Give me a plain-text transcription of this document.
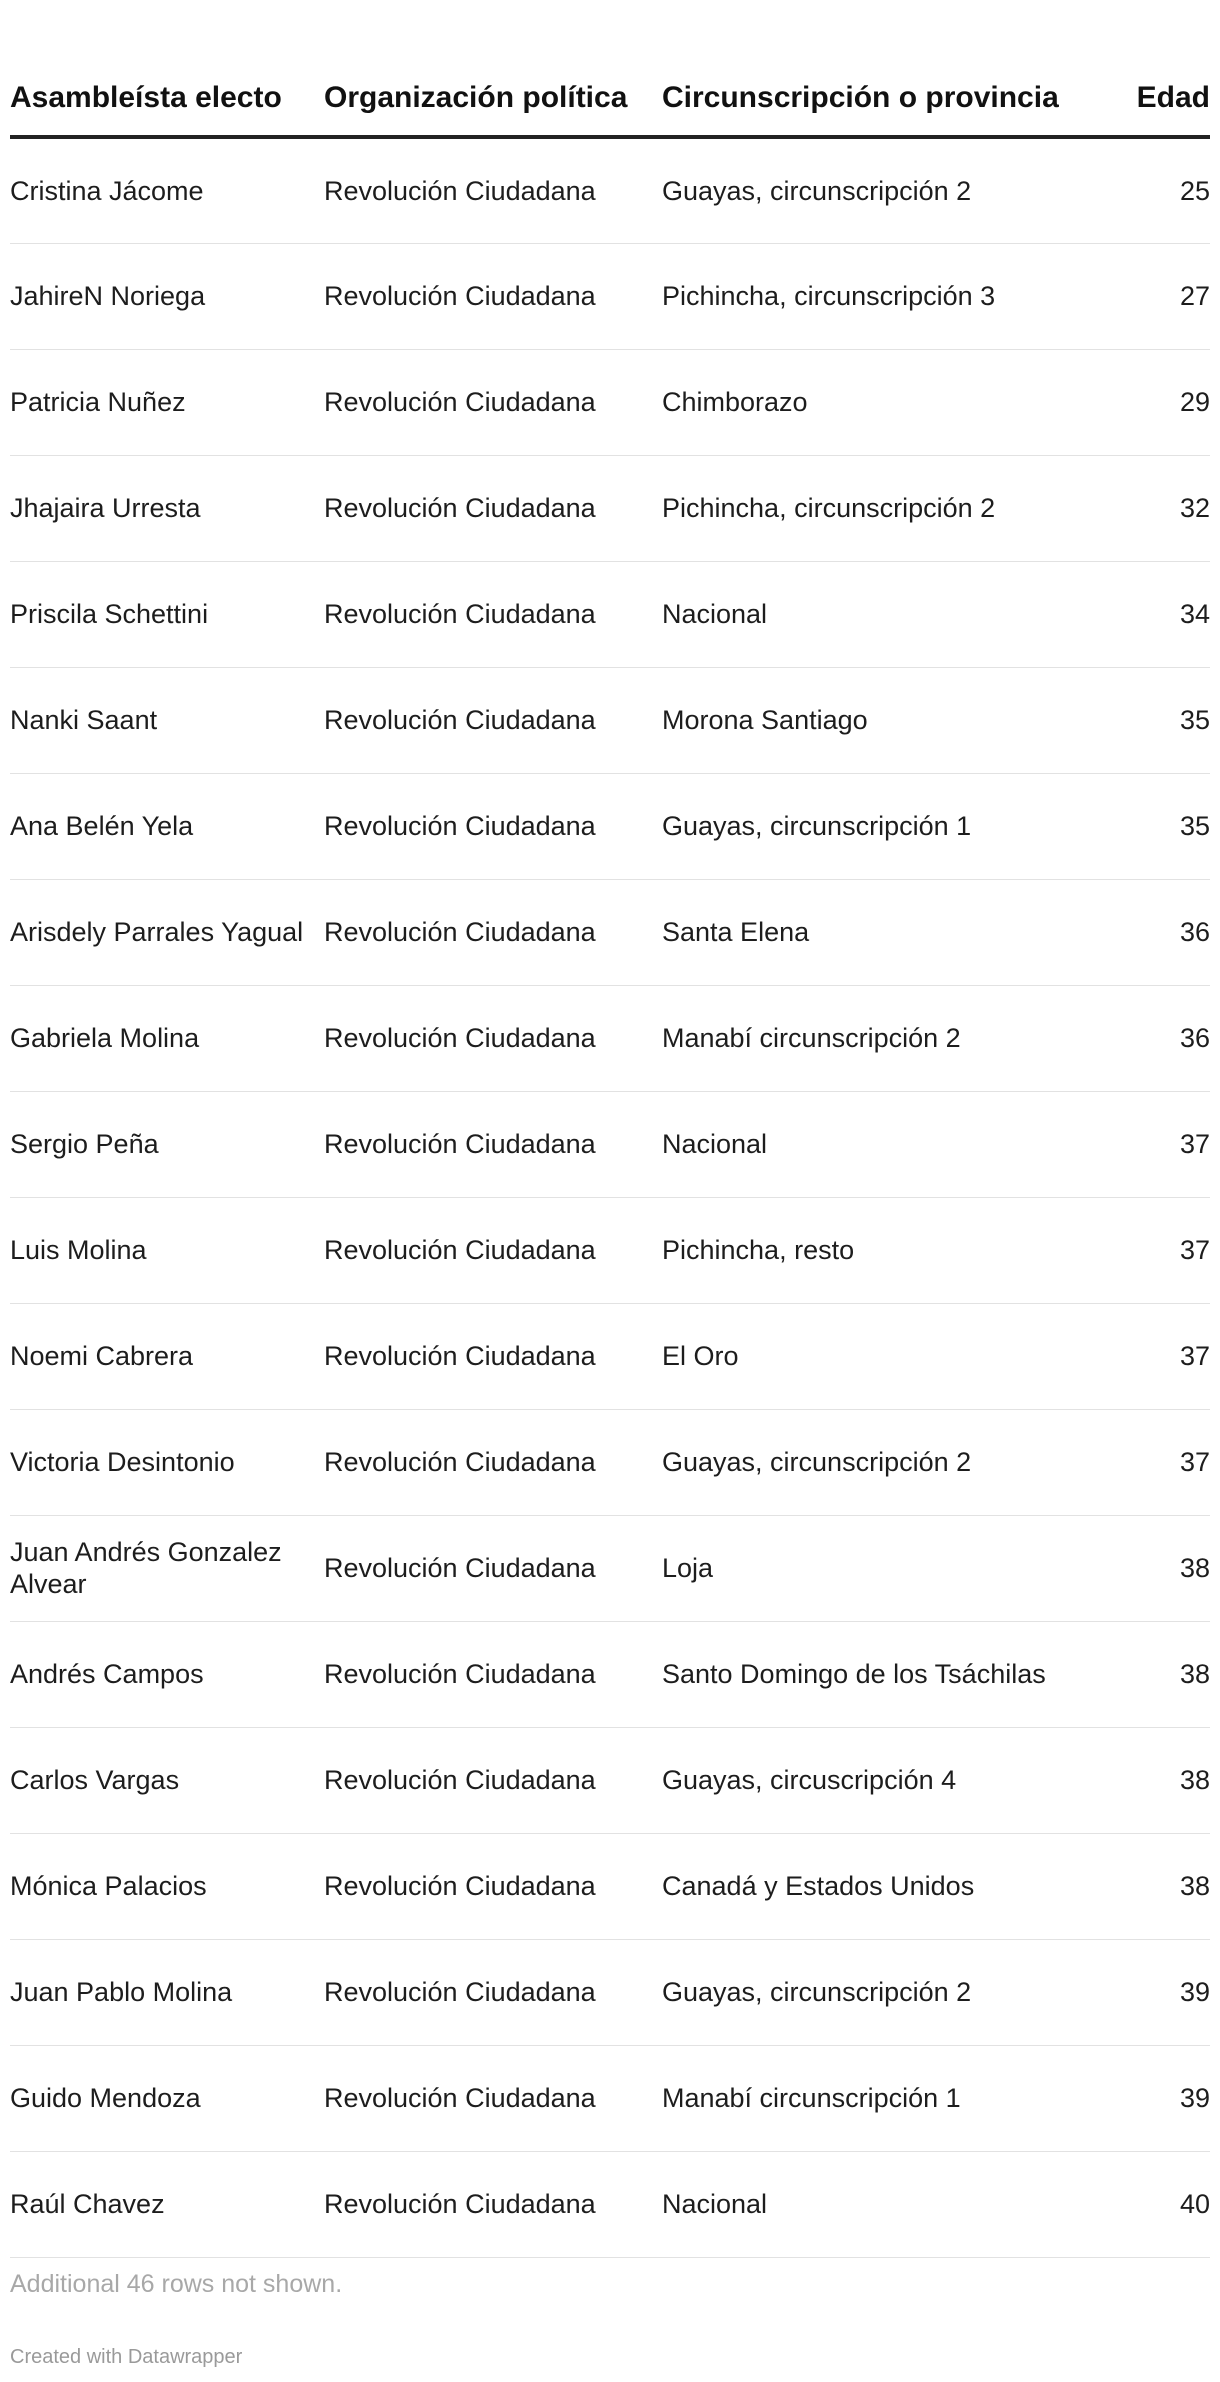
Asambleísta electo	Organización política	Circunscripción o provincia	Edad
Cristina Jácome	Revolución Ciudadana	Guayas, circunscripción 2	25
JahireN Noriega	Revolución Ciudadana	Pichincha, circunscripción 3	27
Patricia Nuñez	Revolución Ciudadana	Chimborazo	29
Jhajaira Urresta	Revolución Ciudadana	Pichincha, circunscripción 2	32
Priscila Schettini	Revolución Ciudadana	Nacional	34
Nanki Saant	Revolución Ciudadana	Morona Santiago	35
Ana Belén Yela	Revolución Ciudadana	Guayas, circunscripción 1	35
Arisdely Parrales Yagual	Revolución Ciudadana	Santa Elena	36
Gabriela Molina	Revolución Ciudadana	Manabí circunscripción 2	36
Sergio Peña	Revolución Ciudadana	Nacional	37
Luis Molina	Revolución Ciudadana	Pichincha, resto	37
Noemi Cabrera	Revolución Ciudadana	El Oro	37
Victoria Desintonio	Revolución Ciudadana	Guayas, circunscripción 2	37
Juan Andrés Gonzalez Alvear	Revolución Ciudadana	Loja	38
Andrés Campos	Revolución Ciudadana	Santo Domingo de los Tsáchilas	38
Carlos Vargas	Revolución Ciudadana	Guayas, circuscripción 4	38
Mónica Palacios	Revolución Ciudadana	Canadá y Estados Unidos	38
Juan Pablo Molina	Revolución Ciudadana	Guayas, circunscripción 2	39
Guido Mendoza	Revolución Ciudadana	Manabí circunscripción 1	39
Raúl Chavez	Revolución Ciudadana	Nacional	40
Additional 46 rows not shown.
Created with Datawrapper
